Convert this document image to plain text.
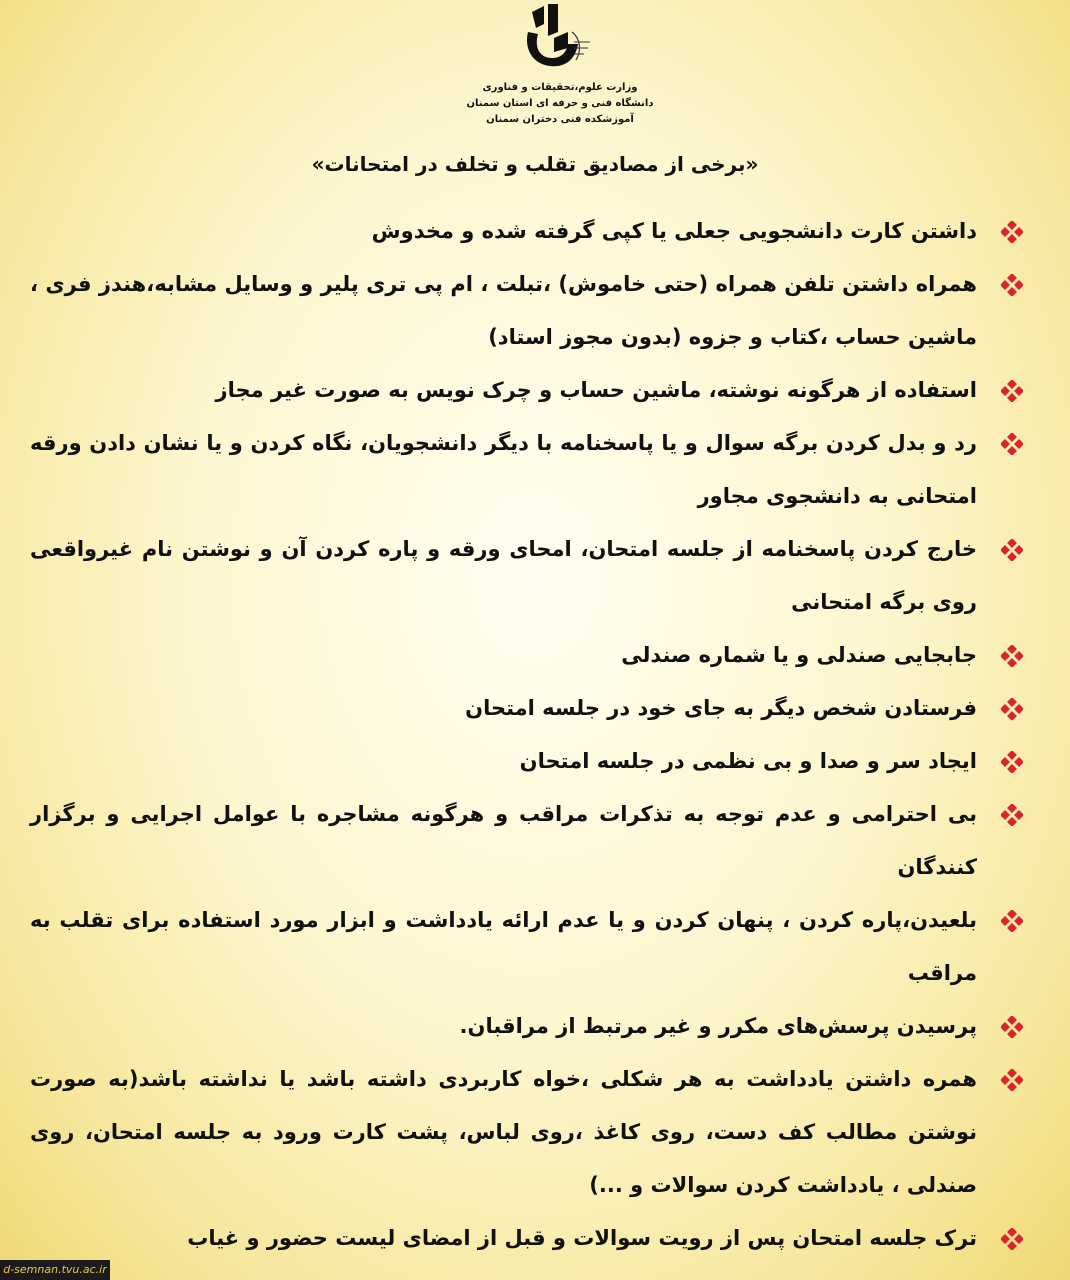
وزارت علوم،تحقیقات و فناوری
دانشگاه فنی و حرفه ای استان سمنان
آموزشکده فنی دختران سمنان
«برخی از مصادیق تقلب و تخلف در امتحانات»
داشتن کارت دانشجویی جعلی یا کپی گرفته شده و مخدوش
همراه داشتن تلفن همراه (حتی خاموش) ،تبلت ، ام پی تری پلیر و وسایل مشابه،هندز فری ، ماشین حساب ،کتاب و جزوه (بدون مجوز استاد)
استفاده از هرگونه نوشته، ماشین حساب و چرک نویس به صورت غیر مجاز
رد و بدل کردن برگه سوال و یا پاسخنامه با دیگر دانشجویان، نگاه کردن و یا نشان دادن ورقه امتحانی به دانشجوی مجاور
خارج کردن پاسخنامه از جلسه امتحان، امحای ورقه و پاره کردن آن و نوشتن نام غیرواقعی روی برگه امتحانی
جابجایی صندلی و یا شماره صندلی
فرستادن شخص دیگر به جای خود در جلسه امتحان
ایجاد سر و صدا و بی نظمی در جلسه امتحان
بی احترامی و عدم توجه به تذکرات مراقب و هرگونه مشاجره با عوامل اجرایی و برگزار کنندگان
بلعیدن،پاره کردن ، پنهان کردن و یا عدم ارائه یادداشت و ابزار مورد استفاده برای تقلب به مراقب
پرسیدن پرسش‌های مکرر و غیر مرتبط از مراقبان.
همره داشتن یادداشت به هر شکلی ،خواه کاربردی داشته باشد یا نداشته باشد(به صورت نوشتن مطالب کف دست، روی کاغذ ،روی لباس، پشت کارت ورود به جلسه امتحان، روی صندلی ، یادداشت کردن سوالات و ...)
ترک جلسه امتحان پس از رویت سوالات و قبل از امضای لیست حضور و غیاب
d-semnan.tvu.ac.ir
